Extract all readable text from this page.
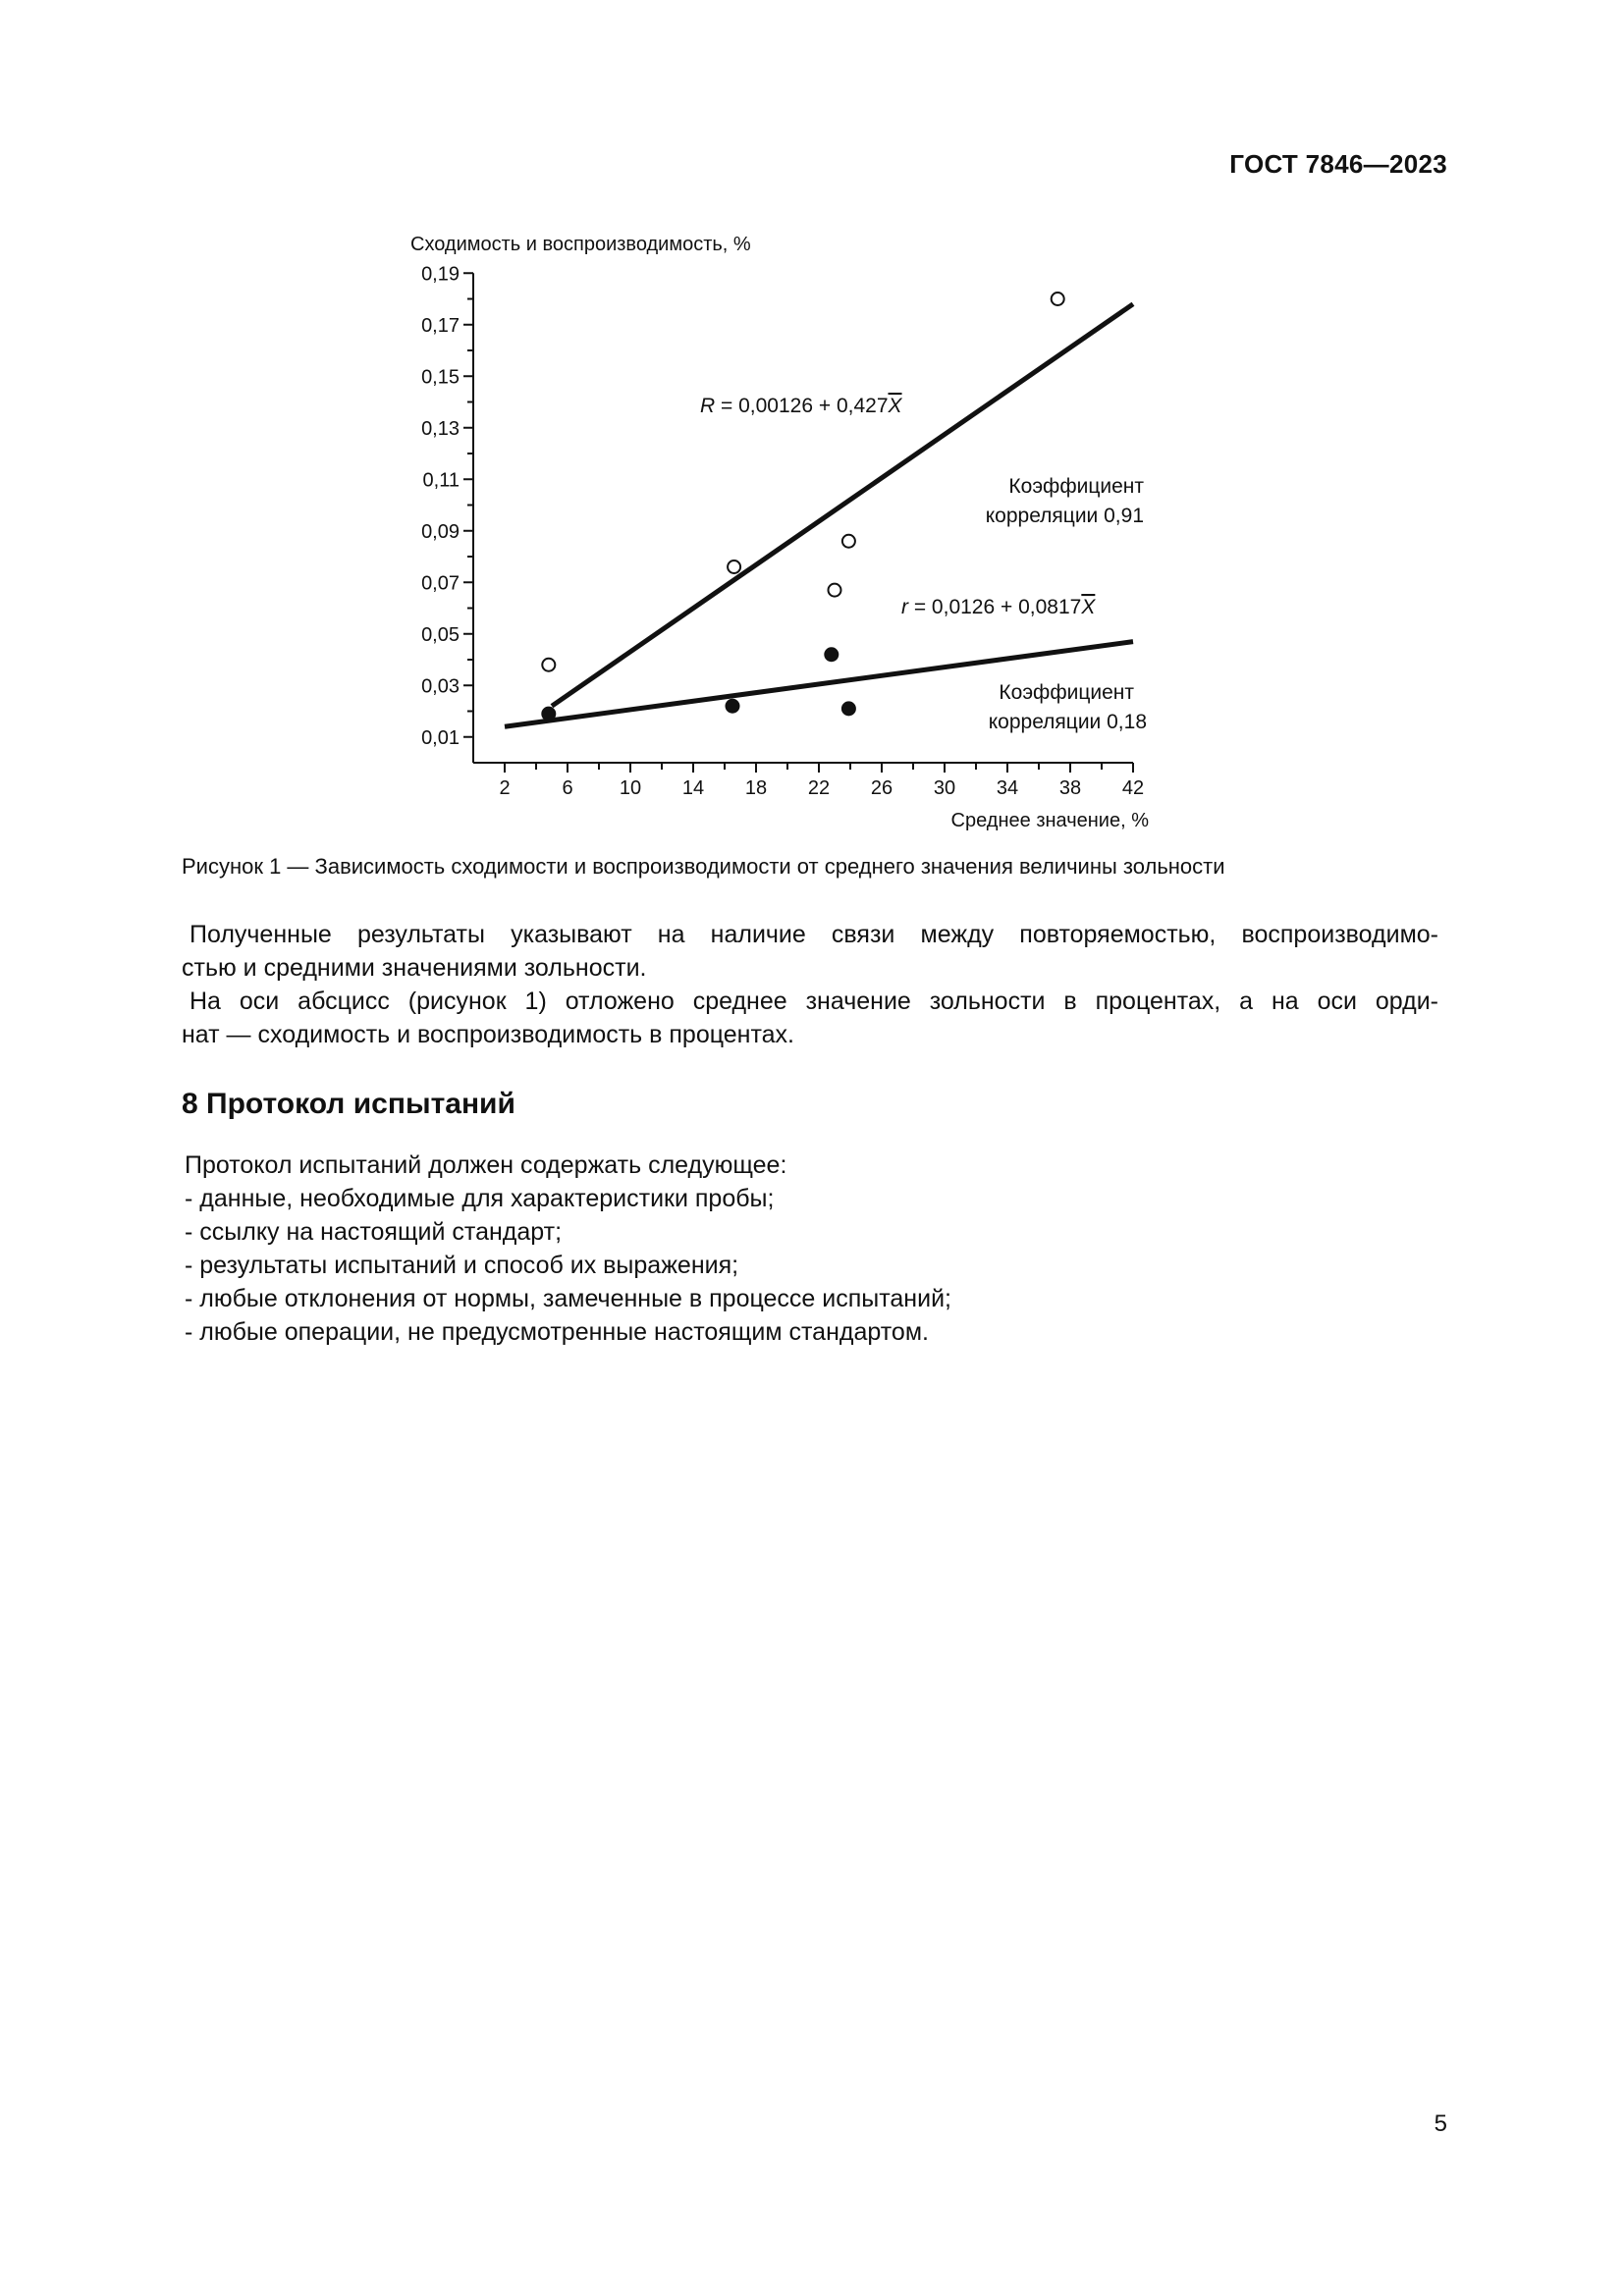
ГОСТ 7846—2023
0,01
0,03
0,05
0,07
0,09
0,11
0,13
0,15
0,17
0,19
2	6 10 14 18 22 26 30 34 38 42
Сходимость и воспроизводимость, %
Среднее значение, %
R = 0,00126 + 0,427X
Коэффициент
корреляции 0,91
r = 0,0126 + 0,0817X
Коэффициент
корреляции 0,18
Рисунок 1 — Зависимость сходимости и воспроизводимости от среднего значения величины зольности
Полученные результаты указывают на наличие связи между повторяемостью, воспроизводимо-
стью и средними значениями зольности.
На оси абсцисс (рисунок 1) отложено среднее значение зольности в процентах, а на оси орди-
нат — сходимость и воспроизводимость в процентах.
8 Протокол испытаний
Протокол испытаний должен содержать следующее:
- данные, необходимые для характеристики пробы;
- ссылку на настоящий стандарт;
- результаты испытаний и способ их выражения;
- любые отклонения от нормы, замеченные в процессе испытаний;
- любые операции, не предусмотренные настоящим стандартом.
5
